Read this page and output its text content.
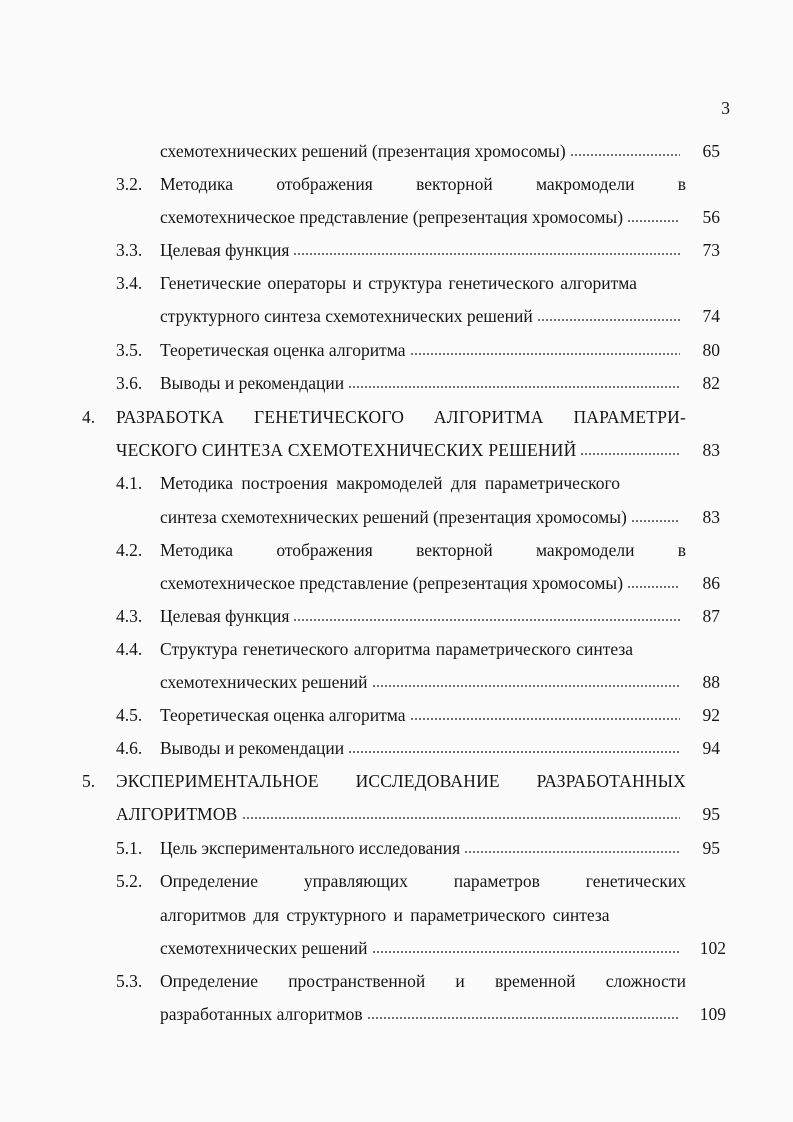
3
схемотехнических решений (презентация хромосомы)	65
3.2. Методика отображения векторной макромодели в
схемотехническое представление (репрезентация хромосомы)	56
3.3. Целевая функция	73
3.4. Генетические операторы и структура генетического алгоритма
структурного синтеза схемотехнических решений	74
3.5. Теоретическая оценка алгоритма	80
3.6. Выводы и рекомендации	82
4. РАЗРАБОТКА ГЕНЕТИЧЕСКОГО АЛГОРИТМА ПАРАМЕТРИ-
ЧЕСКОГО СИНТЕЗА СХЕМОТЕХНИЧЕСКИХ РЕШЕНИЙ	83
4.1. Методика построения макромоделей для параметрического
синтеза схемотехнических решений (презентация хромосомы)	83
4.2. Методика отображения векторной макромодели в
схемотехническое представление (репрезентация хромосомы)	86
4.3. Целевая функция	87
4.4. Структура генетического алгоритма параметрического синтеза
схемотехнических решений	88
4.5. Теоретическая оценка алгоритма	92
4.6. Выводы и рекомендации	94
5. ЭКСПЕРИМЕНТАЛЬНОЕ ИССЛЕДОВАНИЕ РАЗРАБОТАННЫХ
АЛГОРИТМОВ	95
5.1. Цель экспериментального исследования	95
5.2. Определение	управляющих	параметров	генетических
алгоритмов для структурного и параметрического синтеза
схемотехнических решений	102
5.3. Определение пространственной и временной сложности
разработанных алгоритмов	109
